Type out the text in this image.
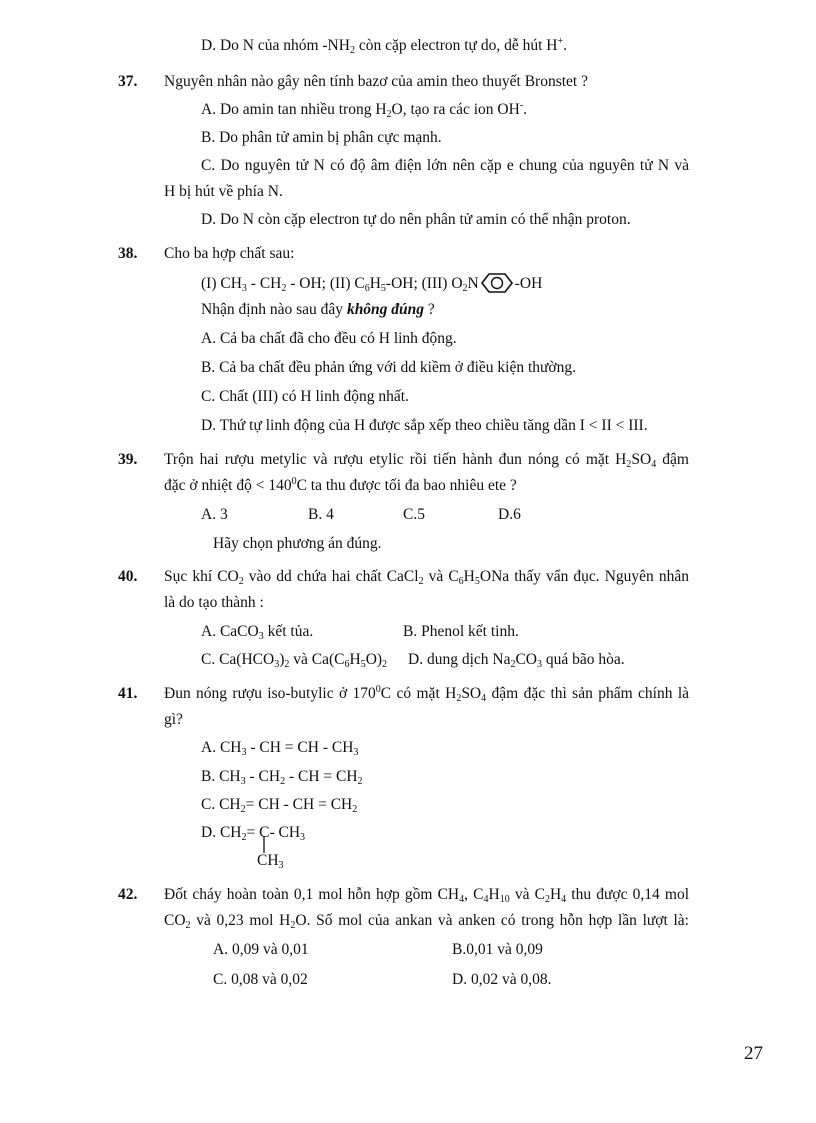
D. Do N của nhóm $-NH_2$ còn cặp electron tự do, dễ hút H+.
37. Nguyên nhân nào gây nên tính bazơ của amin theo thuyết Bronstet ?
A. Do amin tan nhiều trong $H_2O$, tạo ra các ion OH-.
B. Do phân tử amin bị phân cực mạnh.
C. Do nguyên tử N có độ âm điện lớn nên cặp e chung của nguyên tử N và
H bị hút về phía N.
D. Do N còn cặp electron tự do nên phân tử amin có thể nhận proton.
38. Cho ba hợp chất sau:
(I) $CH_3 - CH_2$ - OH; (II) $C_6H_5-OH$; (III) $O_2N$ -OH
Nhận định nào sau đây không đúng ?
A. Cả ba chất đã cho đều có H linh động.
B. Cả ba chất đều phản ứng với dd kiềm ở điều kiện thường.
C. Chất (III) có H linh động nhất.
D. Thứ tự linh động của H được sắp xếp theo chiều tăng dần I < II < III.
39. Trộn hai rượu metylic và rượu etylic rồi tiến hành đun nóng có mặt $H_2SO_4$ đậm
đặc ở nhiệt độ < $140^0C$ ta thu được tối đa bao nhiêu ete ?
A. 3	B. 4	C.5	D.6
Hãy chọn phương án đúng.
40. Sục khí $CO_2$ vào dd chứa hai chất CaCl$_2$ và $C_6H_5ONa$ thấy vẩn đục. Nguyên nhân
là do tạo thành :
A. CaCO$_3$ kết tủa.	B. Phenol kết tinh.
C. $Ca(HCO_3)_2$ và $Ca(C_6H_5O)_2$ D. dung dịch $Na_2CO_3$ quá bão hòa.
41. Đun nóng rượu iso-butylic ở $170^0C$ có mặt $H_2SO_4$ đậm đặc thì sản phẩm chính là
gì?
A. $CH_3$ - CH = CH - $CH_3$
B. $CH_3 - CH_2$ - CH = $CH_2$
C. $CH_2=$ CH - CH = $CH_2$
D. $CH_2= C-$ $CH_3$
$CH_3$
42. Đốt cháy hoàn toàn 0,1 mol hỗn hợp gồm $CH_4$, $C_4H_{10}$ và $C_2H_4$ thu được 0,14 mol
$CO_2$ và 0,23 mol $H_2O$. Số mol của ankan và anken có trong hỗn hợp lần lượt là:
A. 0,09 và 0,01	B.0,01 và 0,09
C. 0,08 và 0,02	D. 0,02 và 0,08.
27
